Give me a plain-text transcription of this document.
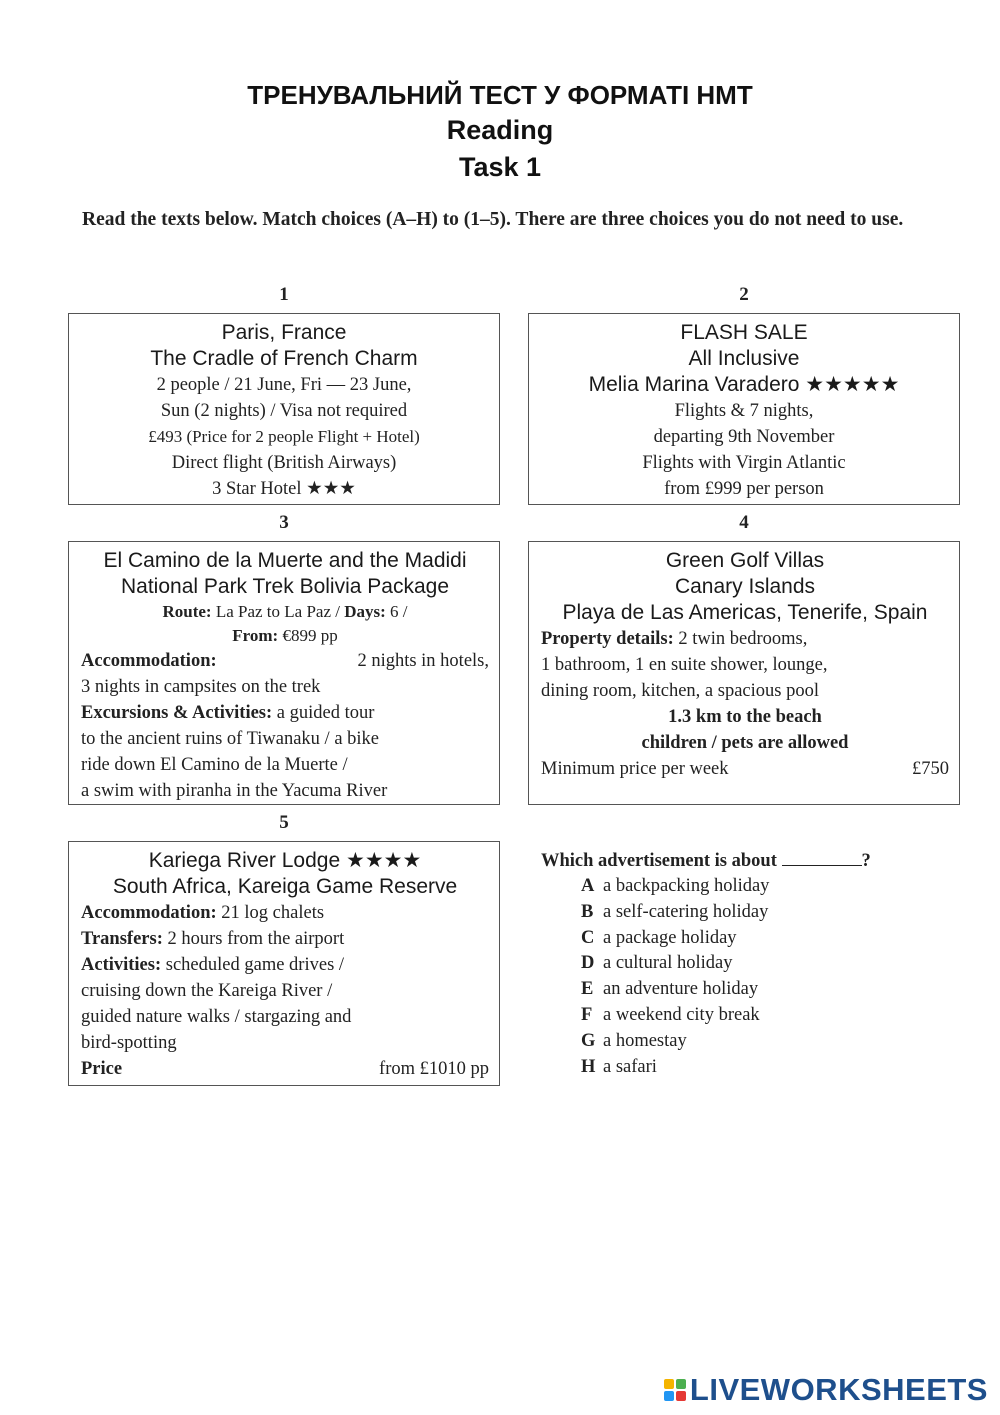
ТРЕНУВАЛЬНИЙ ТЕСТ У ФОРМАТІ НМТ
Reading
Task 1
Read the texts below. Match choices (A–H) to (1–5). There are three choices you do not need to use.
1	2
3	4
5
Paris, France
The Cradle of French Charm
2 people / 21 June, Fri — 23 June,
Sun (2 nights) / Visa not required
£493 (Price for 2 people Flight + Hotel)
Direct flight (British Airways)
3 Star Hotel ★★★
FLASH SALE
All Inclusive
Melia Marina Varadero ★★★★★
Flights & 7 nights,
departing 9th November
Flights with Virgin Atlantic
from £999 per person
El Camino de la Muerte and the Madidi
National Park Trek Bolivia Package
Route: La Paz to La Paz / Days: 6 /
From: €899 pp
Accommodation:	2 nights in hotels,
3 nights in campsites on the trek
Excursions & Activities: a guided tour
to the ancient ruins of Tiwanaku / a bike
ride down El Camino de la Muerte /
a swim with piranha in the Yacuma River
Green Golf Villas
Canary Islands
Playa de Las Americas, Tenerife, Spain
Property details: 2 twin bedrooms,
1 bathroom, 1 en suite shower, lounge,
dining room, kitchen, a spacious pool
1.3 km to the beach
children / pets are allowed
Minimum price per week	£750
Kariega River Lodge ★★★★
South Africa, Kareiga Game Reserve
Accommodation: 21 log chalets
Transfers: 2 hours from the airport
Activities: scheduled game drives /
cruising down the Kareiga River /
guided nature walks / stargazing and
bird-spotting
Price	from £1010 pp
Which advertisement is about	?
A a backpacking holiday
B a self-catering holiday
C a package holiday
D a cultural holiday
E an adventure holiday
F a weekend city break
G a homestay
H a safari
LIVEWORKSHEETS
